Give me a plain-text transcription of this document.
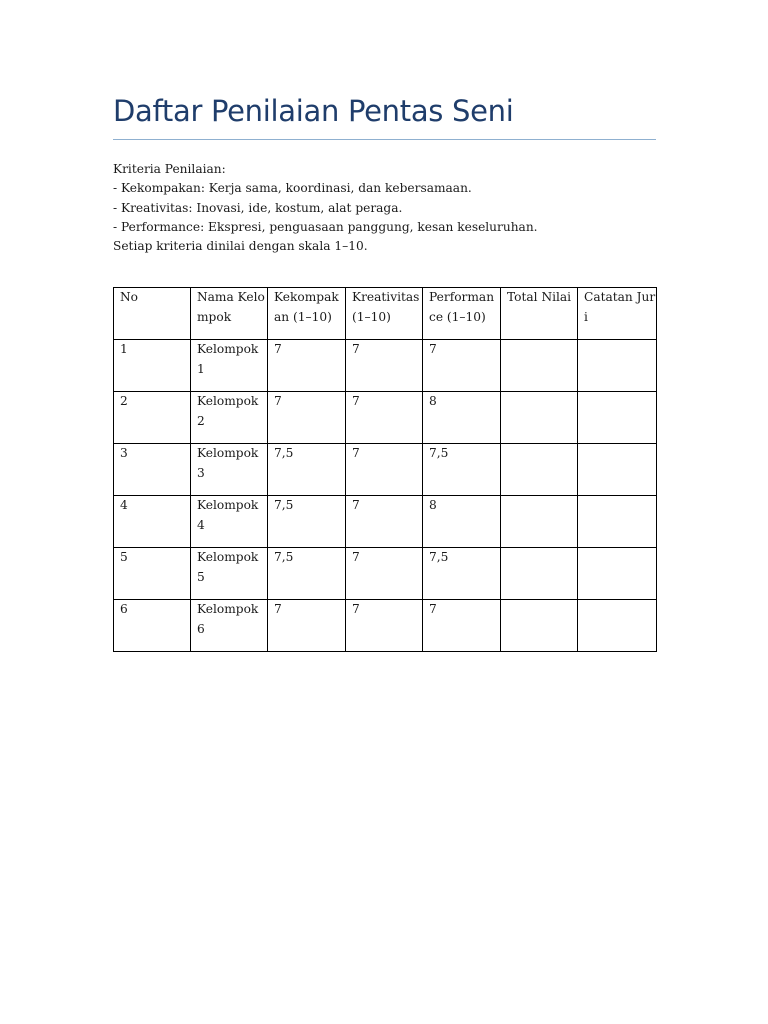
Daftar Penilaian Pentas Seni
Kriteria Penilaian:
- Kekompakan: Kerja sama, koordinasi, dan kebersamaan.
- Kreativitas: Inovasi, ide, kostum, alat peraga.
- Performance: Ekspresi, penguasaan panggung, kesan keseluruhan.
Setiap kriteria dinilai dengan skala 1–10.
No	Nama Kelompok	Kekompakan (1–10)	Kreativitas (1–10)	Performance (1–10)	Total Nilai	Catatan Juri
1	Kelompok 1	7	7	7		
2	Kelompok 2	7	7	8		
3	Kelompok 3	7,5	7	7,5		
4	Kelompok 4	7,5	7	8		
5	Kelompok 5	7,5	7	7,5		
6	Kelompok 6	7	7	7		
